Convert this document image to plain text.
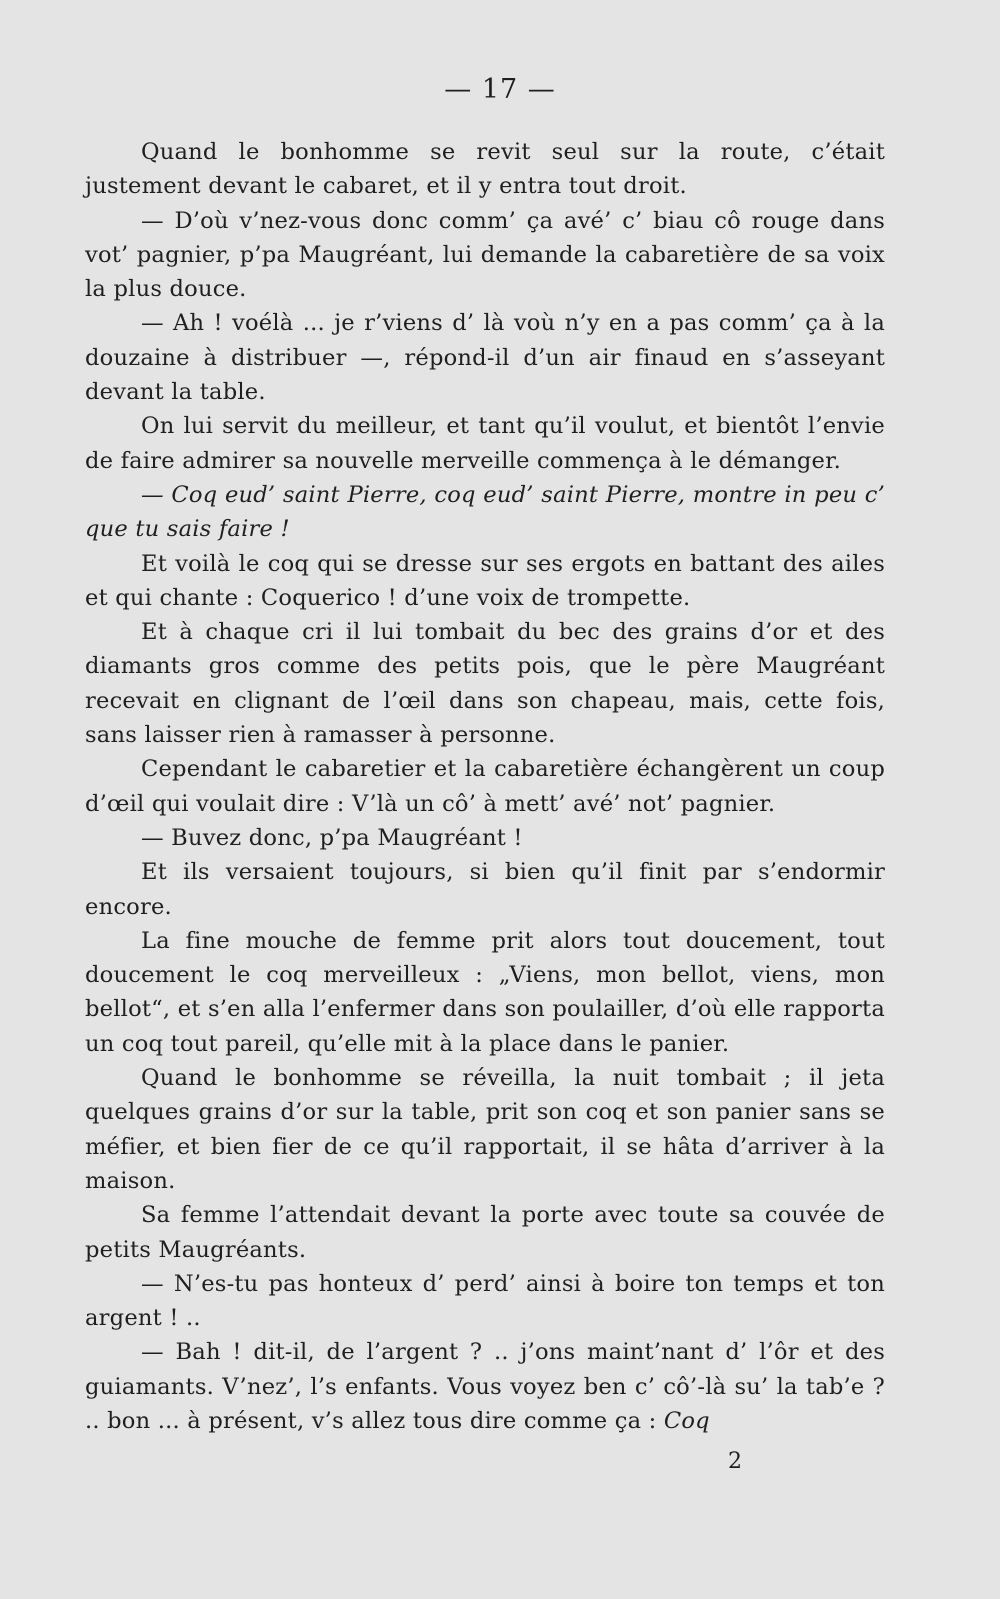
— 17 —

Quand le bonhomme se revit seul sur la route, c’était justement devant le cabaret, et il y entra tout droit.

— D’où v’nez-vous donc comm’ ça avé’ c’ biau cô rouge dans vot’ pagnier, p’pa Maugréant, lui demande la cabaretière de sa voix la plus douce.

— Ah ! voélà ... je r’viens d’ là voù n’y en a pas comm’ ça à la douzaine à distribuer —, répond-il d’un air finaud en s’asseyant devant la table.

On lui servit du meilleur, et tant qu’il voulut, et bientôt l’envie de faire admirer sa nouvelle merveille commença à le démanger.

— Coq eud’ saint Pierre, coq eud’ saint Pierre, montre in peu c’ que tu sais faire !

Et voilà le coq qui se dresse sur ses ergots en battant des ailes et qui chante : Coquerico ! d’une voix de trompette.

Et à chaque cri il lui tombait du bec des grains d’or et des diamants gros comme des petits pois, que le père Maugréant recevait en clignant de l’œil dans son chapeau, mais, cette fois, sans laisser rien à ramasser à personne.

Cependant le cabaretier et la cabaretière échangèrent un coup d’œil qui voulait dire : V’là un cô’ à mett’ avé’ not’ pagnier.

— Buvez donc, p’pa Maugréant !

Et ils versaient toujours, si bien qu’il finit par s’endormir encore.

La fine mouche de femme prit alors tout doucement, tout doucement le coq merveilleux : „Viens, mon bellot, viens, mon bellot“, et s’en alla l’enfermer dans son poulailler, d’où elle rapporta un coq tout pareil, qu’elle mit à la place dans le panier.

Quand le bonhomme se réveilla, la nuit tombait ; il jeta quelques grains d’or sur la table, prit son coq et son panier sans se méfier, et bien fier de ce qu’il rapportait, il se hâta d’arriver à la maison.

Sa femme l’attendait devant la porte avec toute sa couvée de petits Maugréants.

— N’es-tu pas honteux d’ perd’ ainsi à boire ton temps et ton argent ! ..

— Bah ! dit-il, de l’argent ? .. j’ons maint’nant d’ l’ôr et des guiamants. V’nez’, l’s enfants. Vous voyez ben c’ cô’-là su’ la tab’e ? .. bon ... à présent, v’s allez tous dire comme ça : Coq

2
